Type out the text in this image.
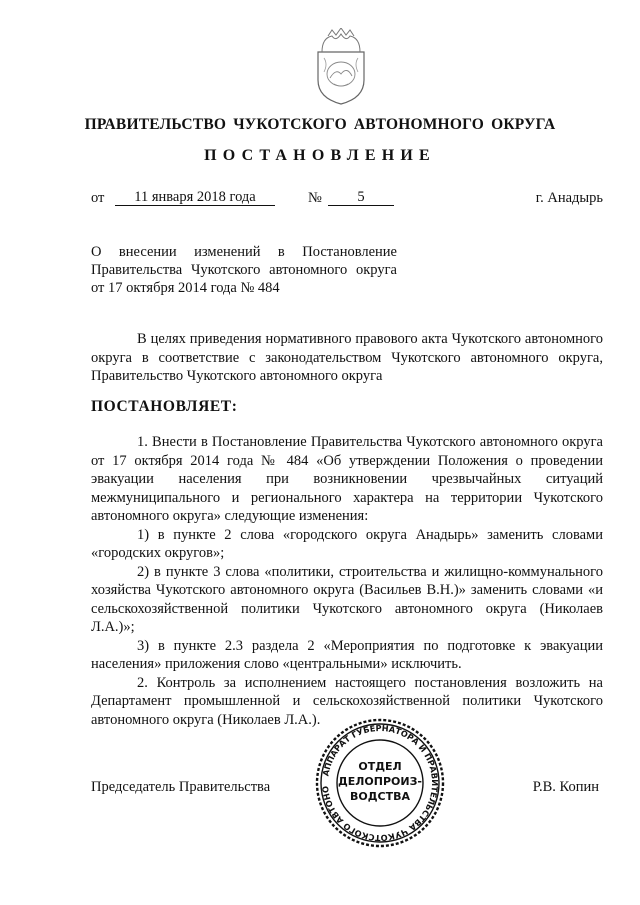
ПРАВИТЕЛЬСТВО ЧУКОТСКОГО АВТОНОМНОГО ОКРУГА
ПОСТАНОВЛЕНИЕ
от	11 января 2018 года	№	5	г. Анадырь
О внесении изменений в Постановление Правительства Чукотского автономного округа от 17 октября 2014 года № 484

В целях приведения нормативного правового акта Чукотского автономного округа в соответствие с законодательством Чукотского автономного округа, Правительство Чукотского автономного округа

ПОСТАНОВЛЯЕТ:

1. Внести в Постановление Правительства Чукотского автономного округа от 17 октября 2014 года № 484 «Об утверждении Положения о проведении эвакуации населения при возникновении чрезвычайных ситуаций межмуниципального и регионального характера на территории Чукотского автономного округа» следующие изменения:

1) в пункте 2 слова «городского округа Анадырь» заменить словами «городских округов»;

2) в пункте 3 слова «политики, строительства и жилищно-коммунального хозяйства Чукотского автономного округа (Васильев В.Н.)» заменить словами «и сельскохозяйственной политики Чукотского автономного округа (Николаев Л.А.)»;

3) в пункте 2.3 раздела 2 «Мероприятия по подготовке к эвакуации населения» приложения слово «центральными» исключить.

2. Контроль за исполнением настоящего постановления возложить на Департамент промышленной и сельскохозяйственной политики Чукотского автономного округа (Николаев Л.А.).

Председатель Правительства	Р.В. Копин
АППАРАТ ГУБЕРНАТОРА И ПРАВИТЕЛЬСТВА ЧУКОТСКОГО АВТОНО
ОТДЕЛ
ДЕЛОПРОИЗ-
ВОДСТВА
